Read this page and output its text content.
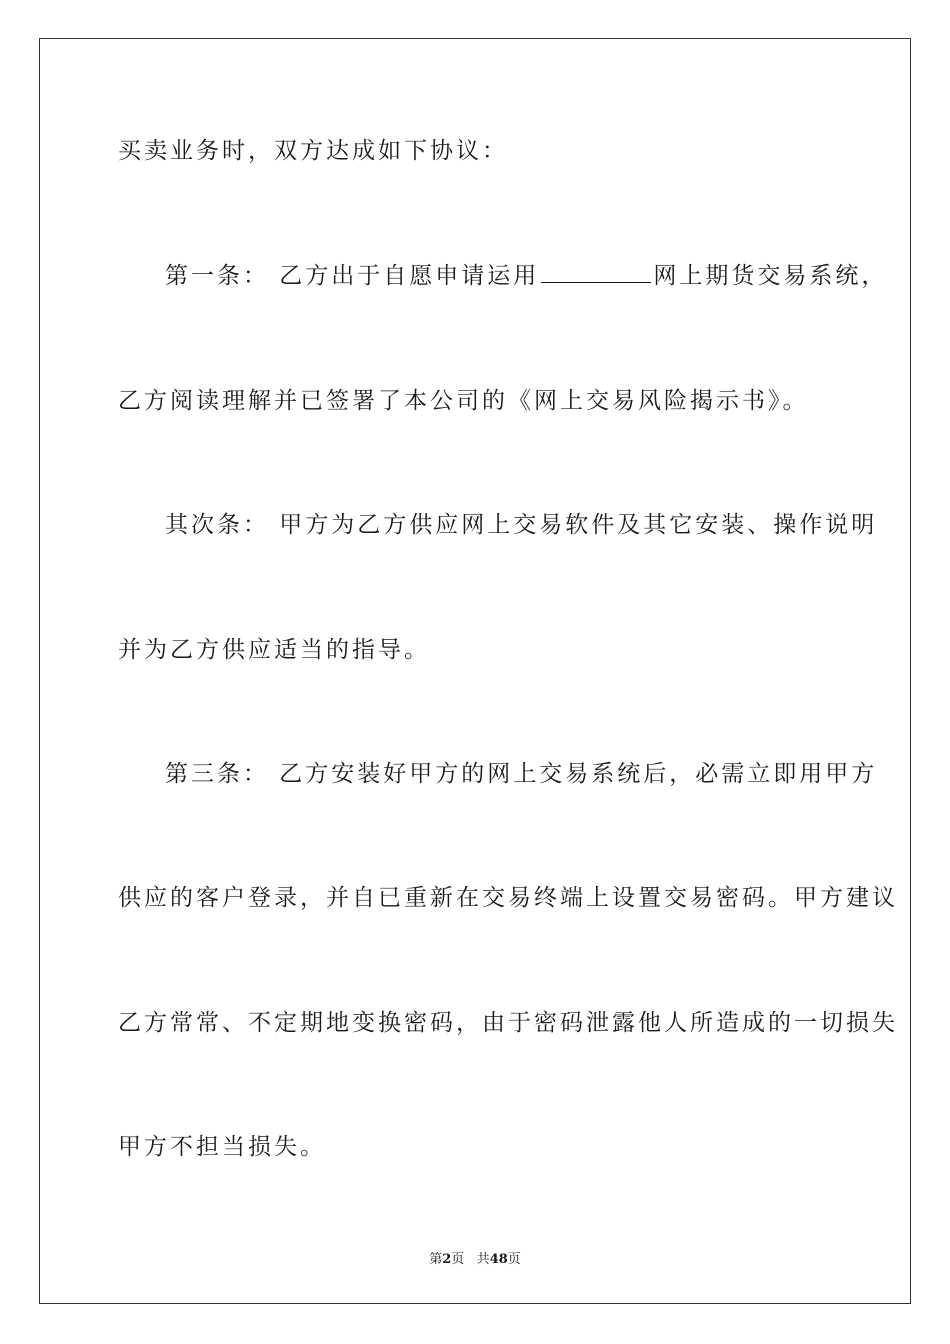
买卖业务时，双方达成如下协议：
第一条： 乙方出于自愿申请运用	网上期货交易系统，
乙方阅读理解并已签署了本公司的《网上交易风险揭示书》。
其次条： 甲方为乙方供应网上交易软件及其它安装、操作说明
并为乙方供应适当的指导。
第三条： 乙方安装好甲方的网上交易系统后，必需立即用甲方
供应的客户登录，并自已重新在交易终端上设置交易密码。甲方建议
乙方常常、不定期地变换密码，由于密码泄露他人所造成的一切损失
甲方不担当损失。
第2页 共48页
